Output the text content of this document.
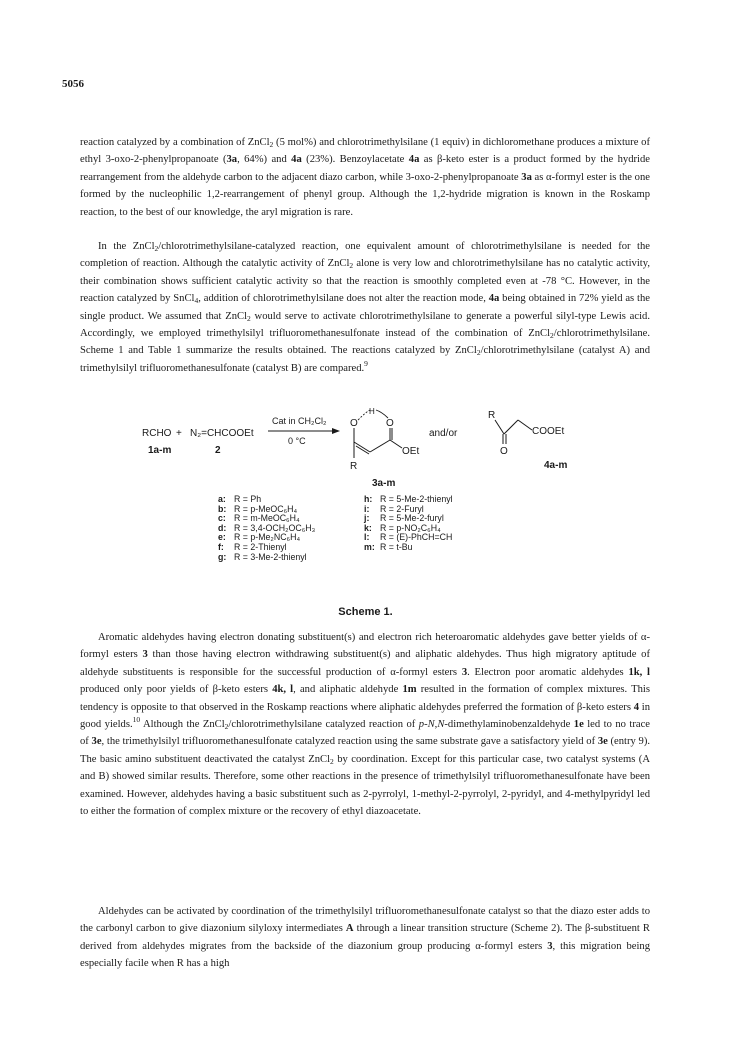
5056

reaction catalyzed by a combination of ZnCl$_2$ (5 mol%) and chlorotrimethylsilane (1 equiv) in dichloromethane produces a mixture of ethyl 3-oxo-2-phenylpropanoate (3a, 64%) and 4a (23%). Benzoylacetate 4a as β-keto ester is a product formed by the hydride rearrangement from the aldehyde carbon to the adjacent diazo carbon, while 3-oxo-2-phenylpropanoate 3a as α-formyl ester is the one formed by the nucleophilic 1,2-rearrangement of phenyl group. Although the 1,2-hydride migration is known in the Roskamp reaction, to the best of our knowledge, the aryl migration is rare.

In the ZnCl$_2$/chlorotrimethylsilane-catalyzed reaction, one equivalent amount of chlorotrimethylsilane is needed for the completion of reaction. Although the catalytic activity of ZnCl$_2$ alone is very low and chlorotrimethylsilane has no catalytic activity, their combination shows sufficient catalytic activity so that the reaction is smoothly completed even at -78 °C. However, in the reaction catalyzed by SnCl$_4$, addition of chlorotrimethylsilane does not alter the reaction mode, 4a being obtained in 72% yield as the single product. We assumed that ZnCl$_2$ would serve to activate chlorotrimethylsilane to generate a powerful silyl-type Lewis acid. Accordingly, we employed trimethylsilyl trifluoromethanesulfonate instead of the combination of ZnCl$_2$/chlorotrimethylsilane. Scheme 1 and Table 1 summarize the results obtained. The reactions catalyzed by ZnCl$_2$/chlorotrimethylsilane (catalyst A) and trimethylsilyl trifluoromethanesulfonate (catalyst B) are compared.$^9$

RCHO + N₂=CHCOOEt
1a-m	2
Cat in CH₂Cl₂
0 °C
O
H
O
OEt
R
3a-m
and/or
R
COOEt
O
4a-m
a: R = Ph
b: R = p-MeOC₆H₄
c: R = m-MeOC₆H₄
d: R = 3,4-OCH₂OC₆H₃
e: R = p-Me₂NC₆H₄
f:	R = 2-Thienyl
g: R = 3-Me-2-thienyl
h: R = 5-Me-2-thienyl
i:	R = 2-Furyl
j:	R = 5-Me-2-furyl
k: R = p-NO₂C₆H₄
l:	R = (E)-PhCH=CH
m: R = t-Bu
Scheme 1.

Aromatic aldehydes having electron donating substituent(s) and electron rich heteroaromatic aldehydes gave better yields of α-formyl esters 3 than those having electron withdrawing substituent(s) and aliphatic aldehydes. Thus high migratory aptitude of aldehyde substituents is responsible for the successful production of α-formyl esters 3. Electron poor aromatic aldehydes 1k, l produced only poor yields of β-keto esters 4k, l, and aliphatic aldehyde 1m resulted in the formation of complex mixtures. This tendency is opposite to that observed in the Roskamp reactions where aliphatic aldehydes preferred the formation of β-keto esters 4 in good yields.$^{10}$ Although the ZnCl$_2$/chlorotrimethylsilane catalyzed reaction of p-N,N-dimethylaminobenzaldehyde 1e led to no trace of 3e, the trimethylsilyl trifluoromethanesulfonate catalyzed reaction using the same substrate gave a satisfactory yield of 3e (entry 9). The basic amino substituent deactivated the catalyst ZnCl$_2$ by coordination. Except for this particular case, two catalyst systems (A and B) showed similar results. Therefore, some other reactions in the presence of trimethylsilyl trifluoromethanesulfonate have been examined. However, aldehydes having a basic substituent such as 2-pyrrolyl, 1-methyl-2-pyrrolyl, 2-pyridyl, and 4-methylpyridyl led to either the formation of complex mixture or the recovery of ethyl diazoacetate.

Aldehydes can be activated by coordination of the trimethylsilyl trifluoromethanesulfonate catalyst so that the diazo ester adds to the carbonyl carbon to give diazonium silyloxy intermediates A through a linear transition structure (Scheme 2). The β-substituent R derived from aldehydes migrates from the backside of the diazonium group producing α-formyl esters 3, this migration being especially facile when R has a high
